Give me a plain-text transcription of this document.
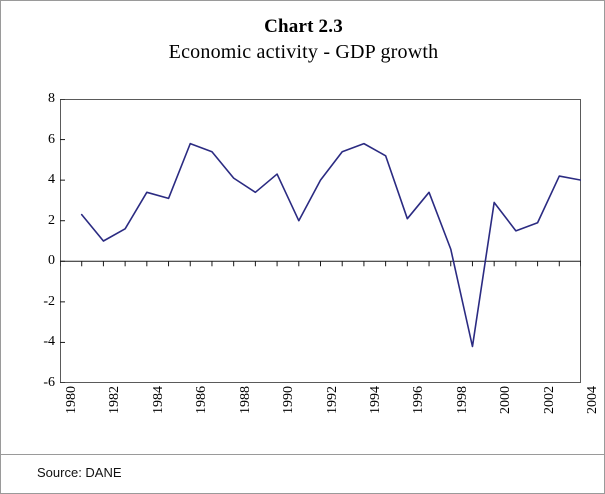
Chart 2.3
Economic activity - GDP growth
8
6
4
2
0
-2
-4
-6
1980 1982 1984 1986 1988 1990 1992 1994 1996 1998 2000 2002 2004
Source: DANE
